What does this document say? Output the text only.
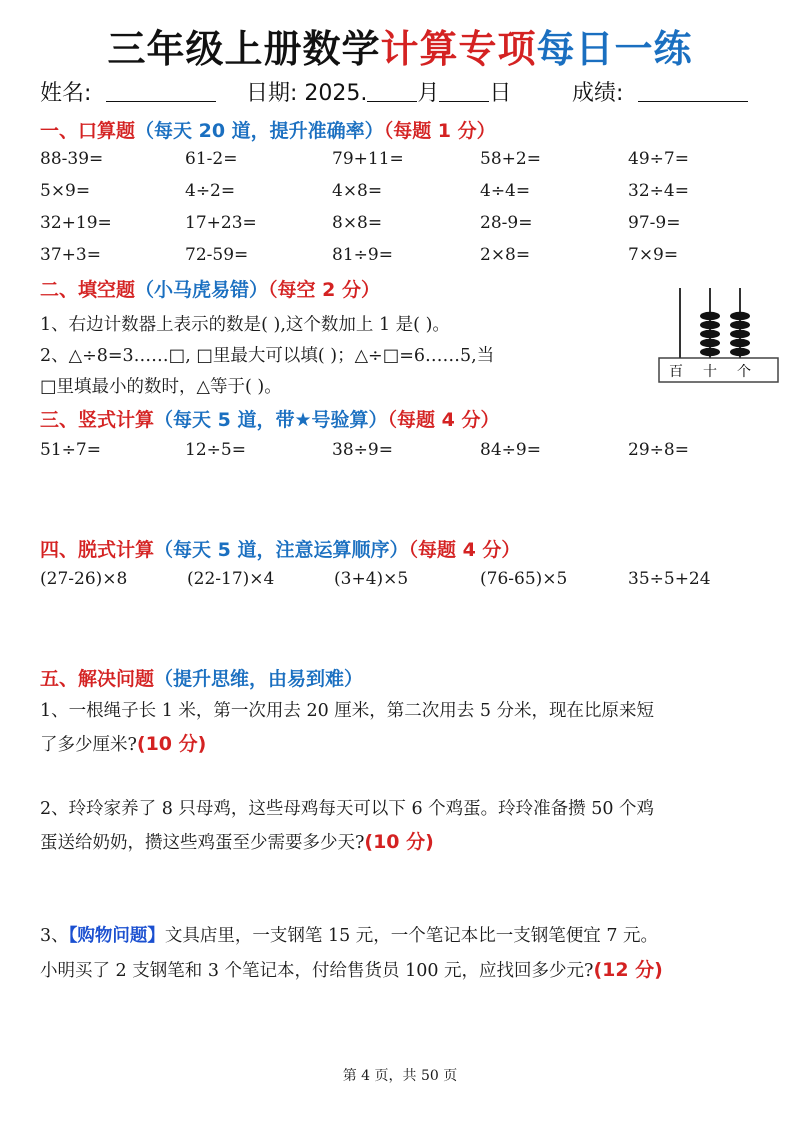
三年级上册数学计算专项每日一练
姓名:	日期: 2025. 月 日	成绩:
一、口算题（每天 20 道，提升准确率）（每题 1 分）
88-39=	61-2=	79+11=	58+2=	49÷7=
5×9=	4÷2=	4×8=	4÷4=	32÷4=
32+19=	17+23=	8×8=	28-9=	97-9=
37+3=	72-59=	81÷9=	2×8=	7×9=
二、填空题（小马虎易错）（每空 2 分）
1、右边计数器上表示的数是( ),这个数加上 1 是( )。
2、△÷8=3……□, □里最大可以填( )；△÷□=6……5,当
□里填最小的数时，△等于( )。
百 十 个
三、竖式计算（每天 5 道，带★号验算）（每题 4 分）
51÷7=	12÷5=	38÷9=	84÷9=	29÷8=
四、脱式计算（每天 5 道，注意运算顺序）（每题 4 分）
(27-26)×8	(22-17)×4	(3+4)×5	(76-65)×5	35÷5+24
五、解决问题（提升思维，由易到难）
1、一根绳子长 1 米，第一次用去 20 厘米，第二次用去 5 分米，现在比原来短
了多少厘米?(10 分)
2、玲玲家养了 8 只母鸡，这些母鸡每天可以下 6 个鸡蛋。玲玲准备攒 50 个鸡
蛋送给奶奶，攒这些鸡蛋至少需要多少天?(10 分)
3、【购物问题】文具店里，一支钢笔 15 元，一个笔记本比一支钢笔便宜 7 元。
小明买了 2 支钢笔和 3 个笔记本，付给售货员 100 元，应找回多少元?(12 分)
第 4 页，共 50 页
